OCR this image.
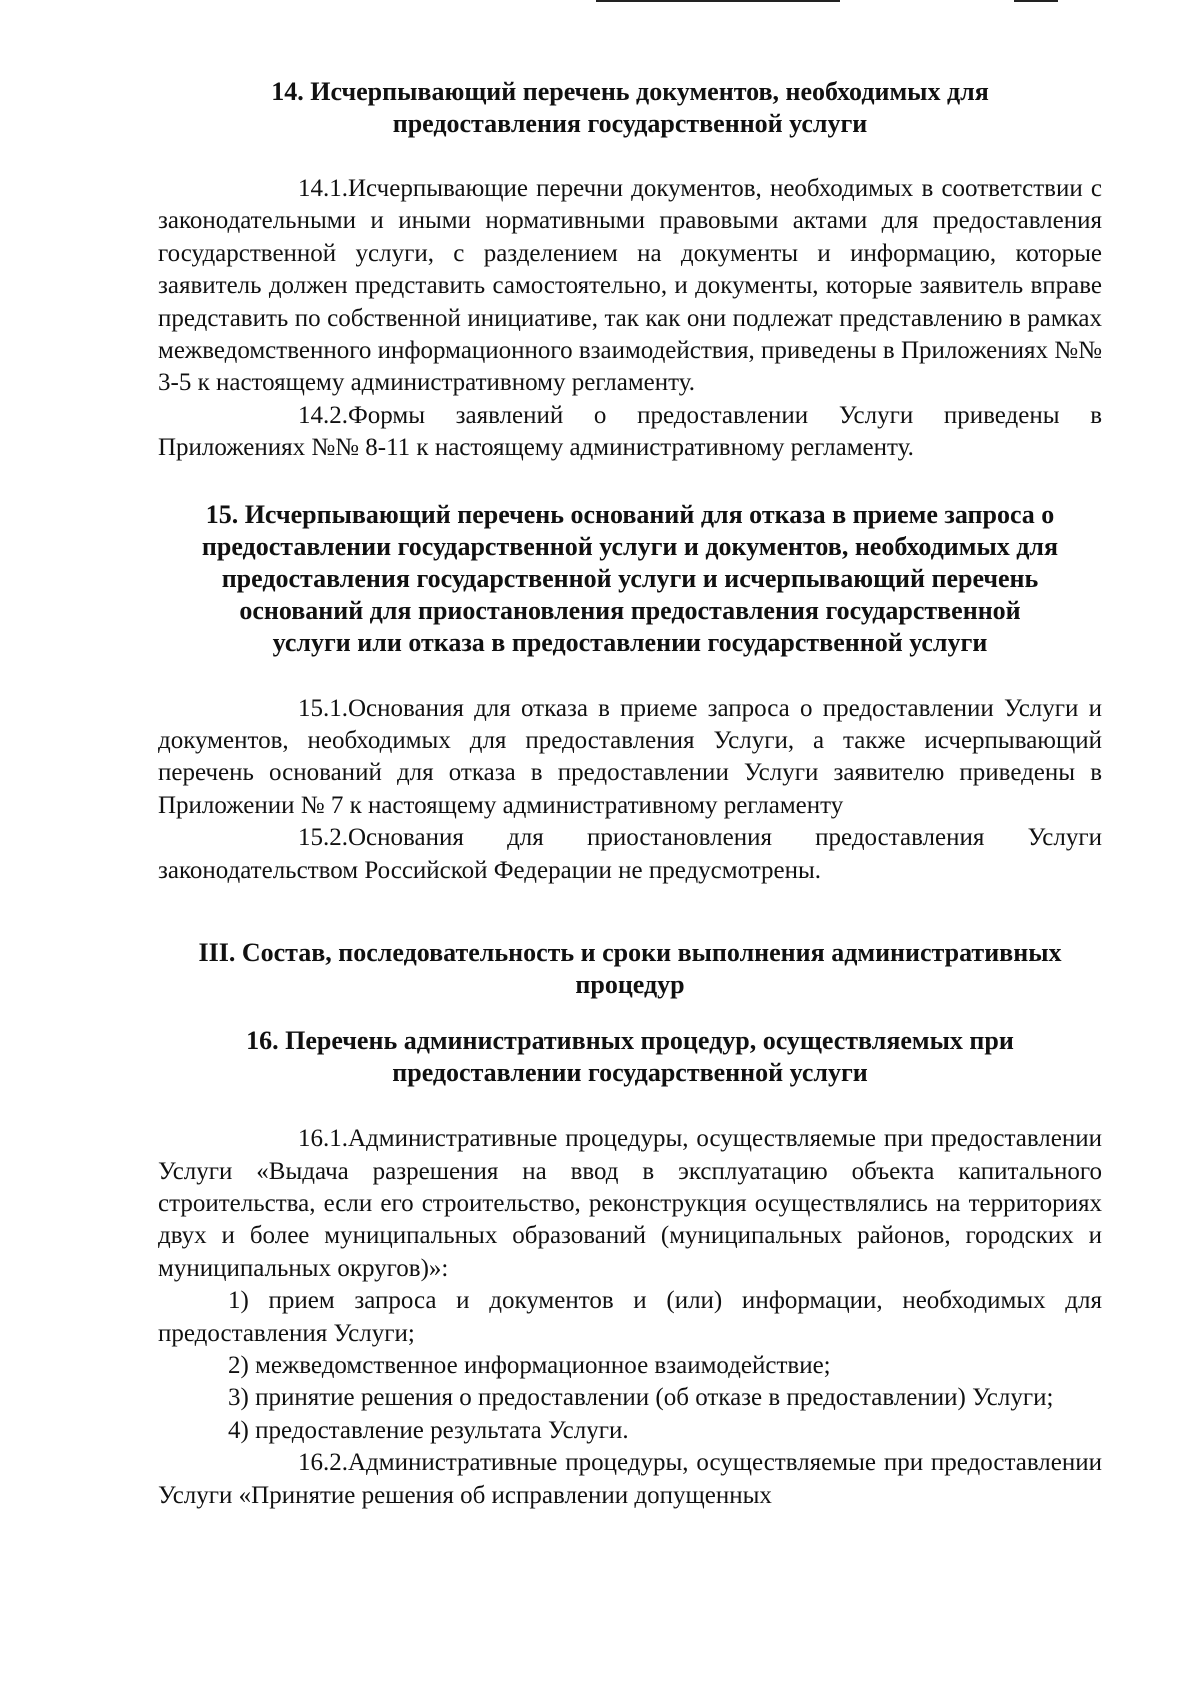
14. Исчерпывающий перечень документов, необходимых для
предоставления государственной услуги

14.1.Исчерпывающие перечни документов, необходимых в соответствии с законодательными и иными нормативными правовыми актами для предоставления государственной услуги, с разделением на документы и информацию, которые заявитель должен представить самостоятельно, и документы, которые заявитель вправе представить по собственной инициативе, так как они подлежат представлению в рамках межведомственного информационного взаимодействия, приведены в Приложениях №№ 3-5 к настоящему административному регламенту.

14.2.Формы заявлений о предоставлении Услуги приведены в Приложениях №№ 8-11 к настоящему административному регламенту.

15. Исчерпывающий перечень оснований для отказа в приеме запроса о
предоставлении государственной услуги и документов, необходимых для
предоставления государственной услуги и исчерпывающий перечень
оснований для приостановления предоставления государственной
услуги или отказа в предоставлении государственной услуги

15.1.Основания для отказа в приеме запроса о предоставлении Услуги и документов, необходимых для предоставления Услуги, а также исчерпывающий перечень оснований для отказа в предоставлении Услуги заявителю приведены в Приложении № 7 к настоящему административному регламенту

15.2.Основания для приостановления предоставления Услуги законодательством Российской Федерации не предусмотрены.

III. Состав, последовательность и сроки выполнения административных
процедур
16. Перечень административных процедур, осуществляемых при
предоставлении государственной услуги

16.1.Административные процедуры, осуществляемые при предоставлении Услуги «Выдача разрешения на ввод в эксплуатацию объекта капитального строительства, если его строительство, реконструкция осуществлялись на территориях двух и более муниципальных образований (муниципальных районов, городских и муниципальных округов)»:

1) прием запроса и документов и (или) информации, необходимых для предоставления Услуги;

2) межведомственное информационное взаимодействие;

3) принятие решения о предоставлении (об отказе в предоставлении) Услуги;

4) предоставление результата Услуги.

16.2.Административные процедуры, осуществляемые при предоставлении Услуги «Принятие решения об исправлении допущенных
